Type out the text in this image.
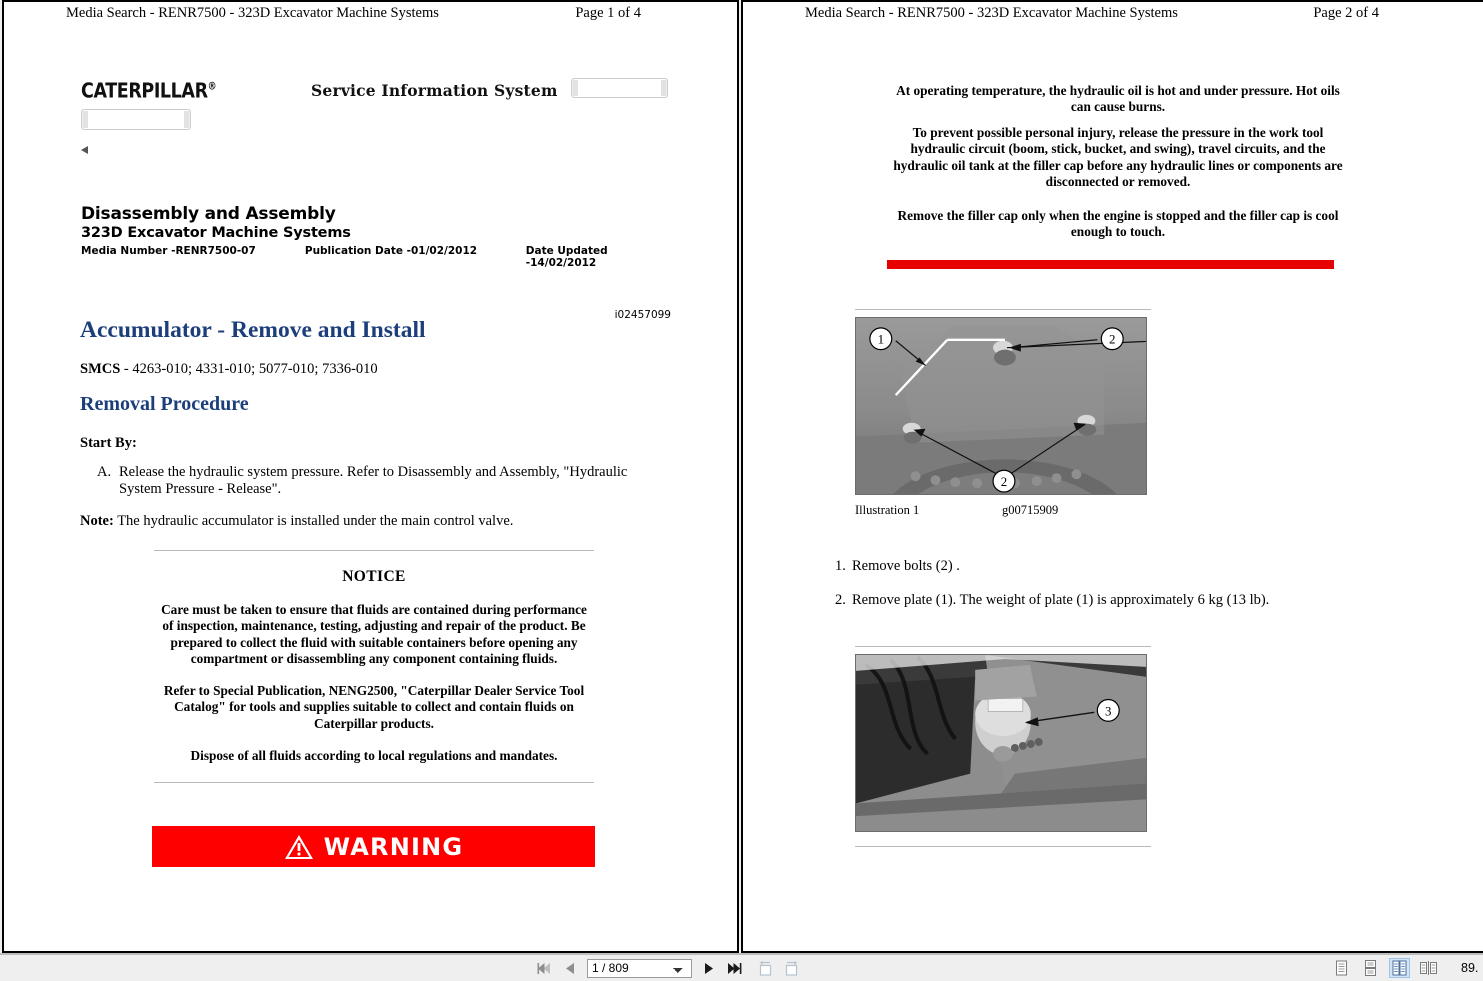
Media Search - RENR7500 - 323D Excavator Machine Systems	Page 1 of 4
CATERPILLAR®	Service Information System
Disassembly and Assembly
323D Excavator Machine Systems
Media Number -RENR7500-07	Publication Date -01/02/2012	Date Updated -14/02/2012
i02457099
Accumulator - Remove and Install
SMCS - 4263-010; 4331-010; 5077-010; 7336-010
Removal Procedure
Start By:
A. Release the hydraulic system pressure. Refer to Disassembly and Assembly, "Hydraulic System Pressure - Release".
Note: The hydraulic accumulator is installed under the main control valve.
NOTICE
Care must be taken to ensure that fluids are contained during performance of inspection, maintenance, testing, adjusting and repair of the product. Be prepared to collect the fluid with suitable containers before opening any compartment or disassembling any component containing fluids.
Refer to Special Publication, NENG2500, "Caterpillar Dealer Service Tool Catalog" for tools and supplies suitable to collect and contain fluids on Caterpillar products.
Dispose of all fluids according to local regulations and mandates.
WARNING
Media Search - RENR7500 - 323D Excavator Machine Systems	Page 2 of 4
At operating temperature, the hydraulic oil is hot and under pressure. Hot oils can cause burns.
To prevent possible personal injury, release the pressure in the work tool hydraulic circuit (boom, stick, bucket, and swing), travel circuits, and the hydraulic oil tank at the filler cap before any hydraulic lines or components are disconnected or removed.
Remove the filler cap only when the engine is stopped and the filler cap is cool enough to touch.
1	2
2
Illustration 1	g00715909
1. Remove bolts (2) .
2. Remove plate (1). The weight of plate (1) is approximately 6 kg (13 lb).
3
1 / 809
89.
